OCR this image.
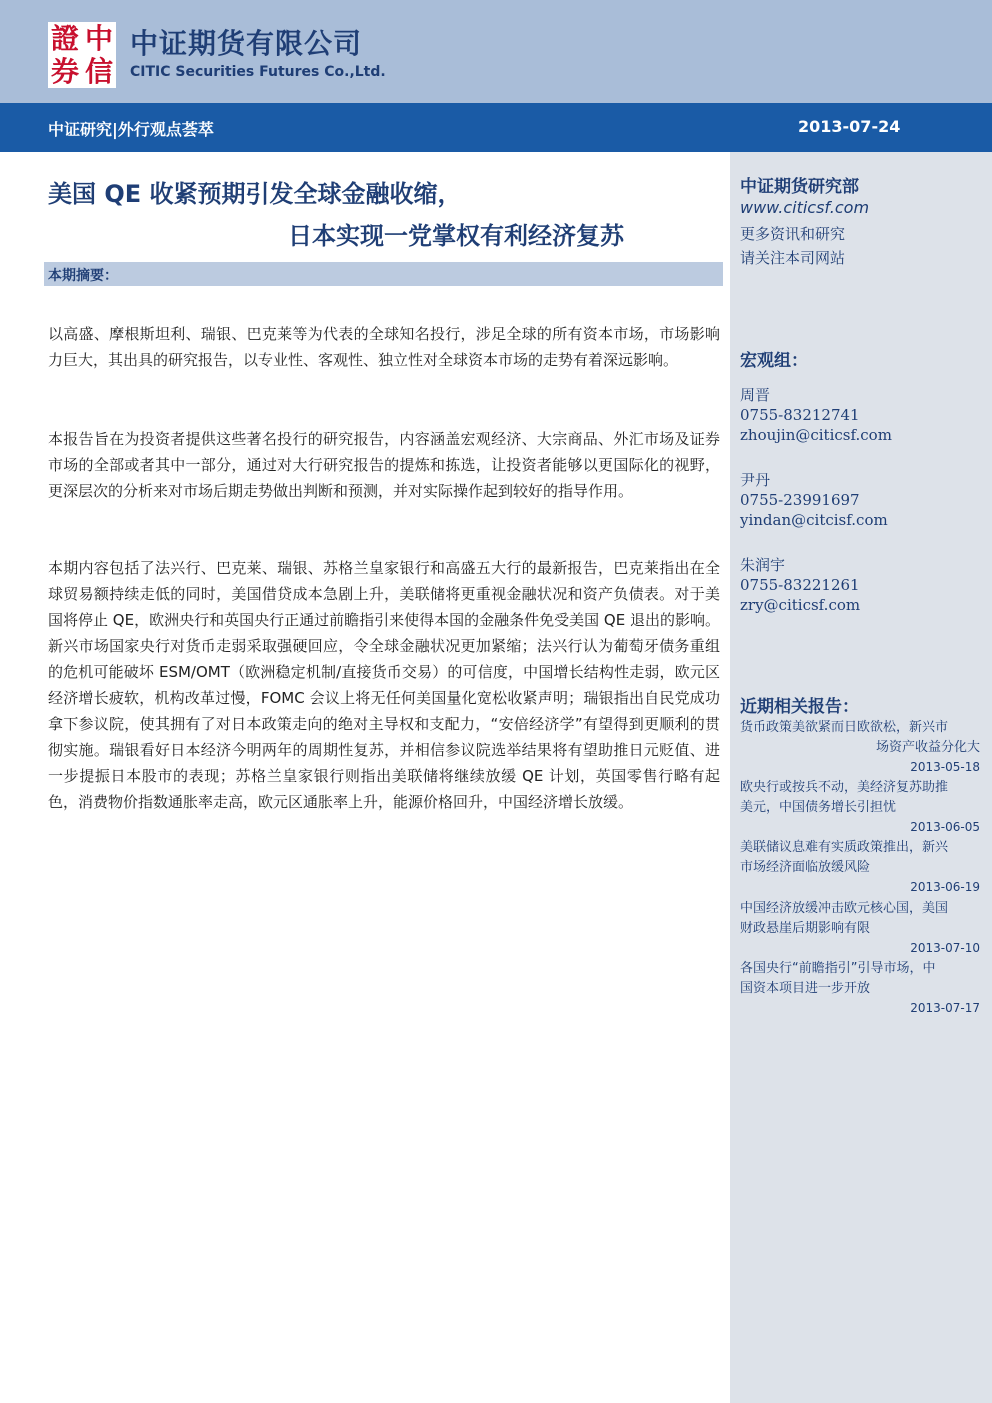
證 中
券 信
中证期货有限公司
CITIC Securities Futures Co.,Ltd.
中证研究|外行观点荟萃	2013-07-24
中证期货研究部
www.citicsf.com
更多资讯和研究
请关注本司网站
宏观组：
周晋
0755-83212741
zhoujin@citicsf.com
尹丹
0755-23991697
yindan@citcisf.com
朱润宇
0755-83221261
zry@citicsf.com
近期相关报告：
货币政策美欲紧而日欧欲松，新兴市
场资产收益分化大
2013-05-18
欧央行或按兵不动，美经济复苏助推
美元，中国债务增长引担忧
2013-06-05
美联储议息难有实质政策推出，新兴
市场经济面临放缓风险
2013-06-19
中国经济放缓冲击欧元核心国，美国
财政悬崖后期影响有限
2013-07-10
各国央行“前瞻指引”引导市场，中
国资本项目进一步开放
2013-07-17
美国 QE 收紧预期引发全球金融收缩，
日本实现一党掌权有利经济复苏
本期摘要：

以高盛、摩根斯坦利、瑞银、巴克莱等为代表的全球知名投行，涉足全球的所有资本市场，市场影响力巨大，其出具的研究报告，以专业性、客观性、独立性对全球资本市场的走势有着深远影响。

本报告旨在为投资者提供这些著名投行的研究报告，内容涵盖宏观经济、大宗商品、外汇市场及证券市场的全部或者其中一部分，通过对大行研究报告的提炼和拣选，让投资者能够以更国际化的视野，更深层次的分析来对市场后期走势做出判断和预测，并对实际操作起到较好的指导作用。

本期内容包括了法兴行、巴克莱、瑞银、苏格兰皇家银行和高盛五大行的最新报告，巴克莱指出在全球贸易额持续走低的同时，美国借贷成本急剧上升，美联储将更重视金融状况和资产负债表。对于美国将停止 QE，欧洲央行和英国央行正通过前瞻指引来使得本国的金融条件免受美国 QE 退出的影响。新兴市场国家央行对货币走弱采取强硬回应，令全球金融状况更加紧缩；法兴行认为葡萄牙债务重组的危机可能破坏 ESM/OMT（欧洲稳定机制/直接货币交易）的可信度，中国增长结构性走弱，欧元区经济增长疲软，机构改革过慢，FOMC 会议上将无任何美国量化宽松收紧声明；瑞银指出自民党成功拿下参议院，使其拥有了对日本政策走向的绝对主导权和支配力，“安倍经济学”有望得到更顺利的贯彻实施。瑞银看好日本经济今明两年的周期性复苏，并相信参议院选举结果将有望助推日元贬值、进一步提振日本股市的表现；苏格兰皇家银行则指出美联储将继续放缓 QE 计划，英国零售行略有起色，消费物价指数通胀率走高，欧元区通胀率上升，能源价格回升，中国经济增长放缓。
